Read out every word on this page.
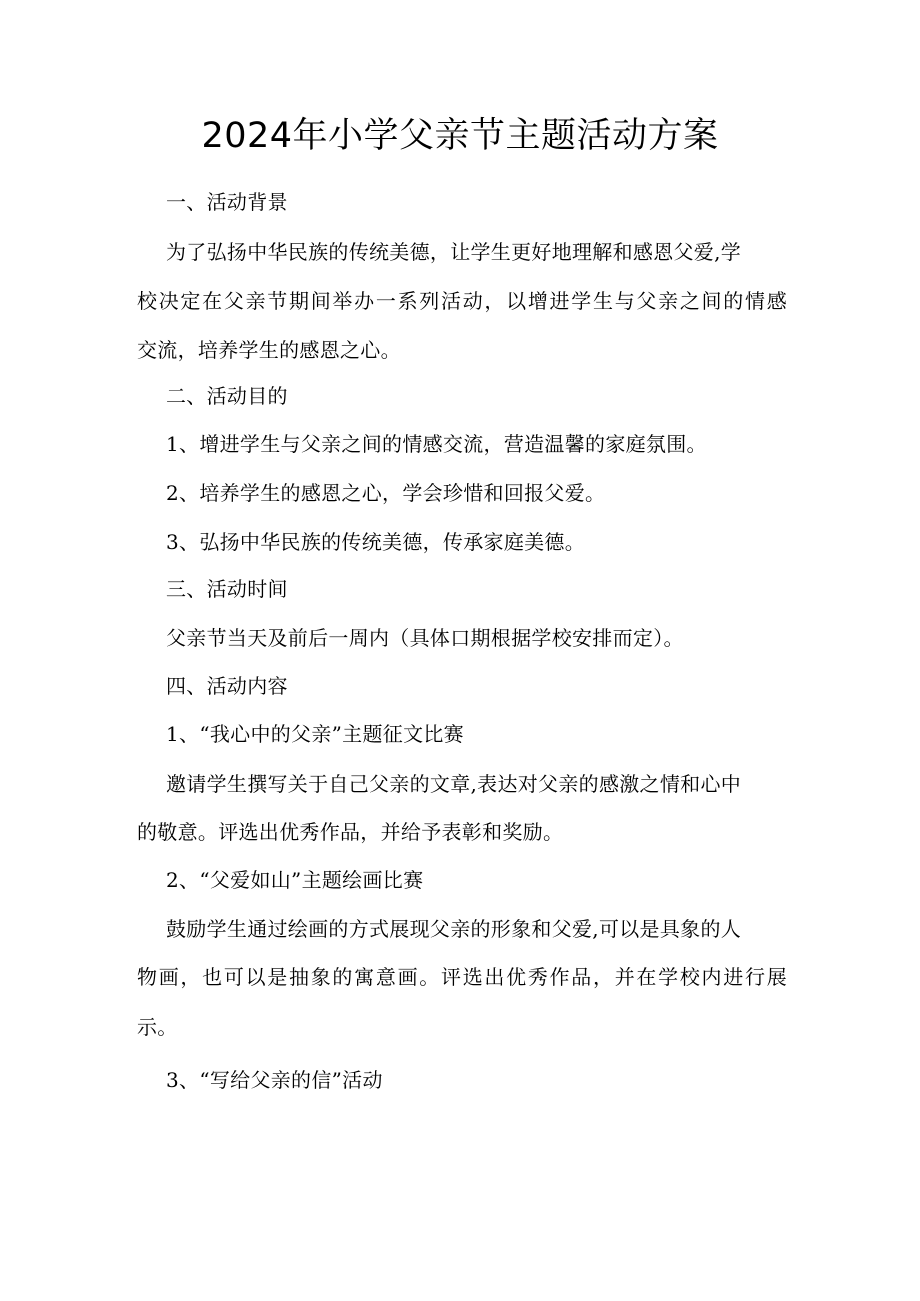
2024年小学父亲节主题活动方案
一、活动背景
为了弘扬中华民族的传统美德，让学生更好地理解和感恩父爱,学
校决定在父亲节期间举办一系列活动，以增进学生与父亲之间的情感
交流，培养学生的感恩之心。
二、活动目的
1、增进学生与父亲之间的情感交流，营造温馨的家庭氛围。
2、培养学生的感恩之心，学会珍惜和回报父爱。
3、弘扬中华民族的传统美德，传承家庭美德。
三、活动时间
父亲节当天及前后一周内（具体口期根据学校安排而定）。
四、活动内容
1、“我心中的父亲”主题征文比赛
邀请学生撰写关于自己父亲的文章,表达对父亲的感激之情和心中
的敬意。评选出优秀作品，并给予表彰和奖励。
2、“父爱如山”主题绘画比赛
鼓励学生通过绘画的方式展现父亲的形象和父爱,可以是具象的人
物画，也可以是抽象的寓意画。评选出优秀作品，并在学校内进行展
示。
3、“写给父亲的信”活动
